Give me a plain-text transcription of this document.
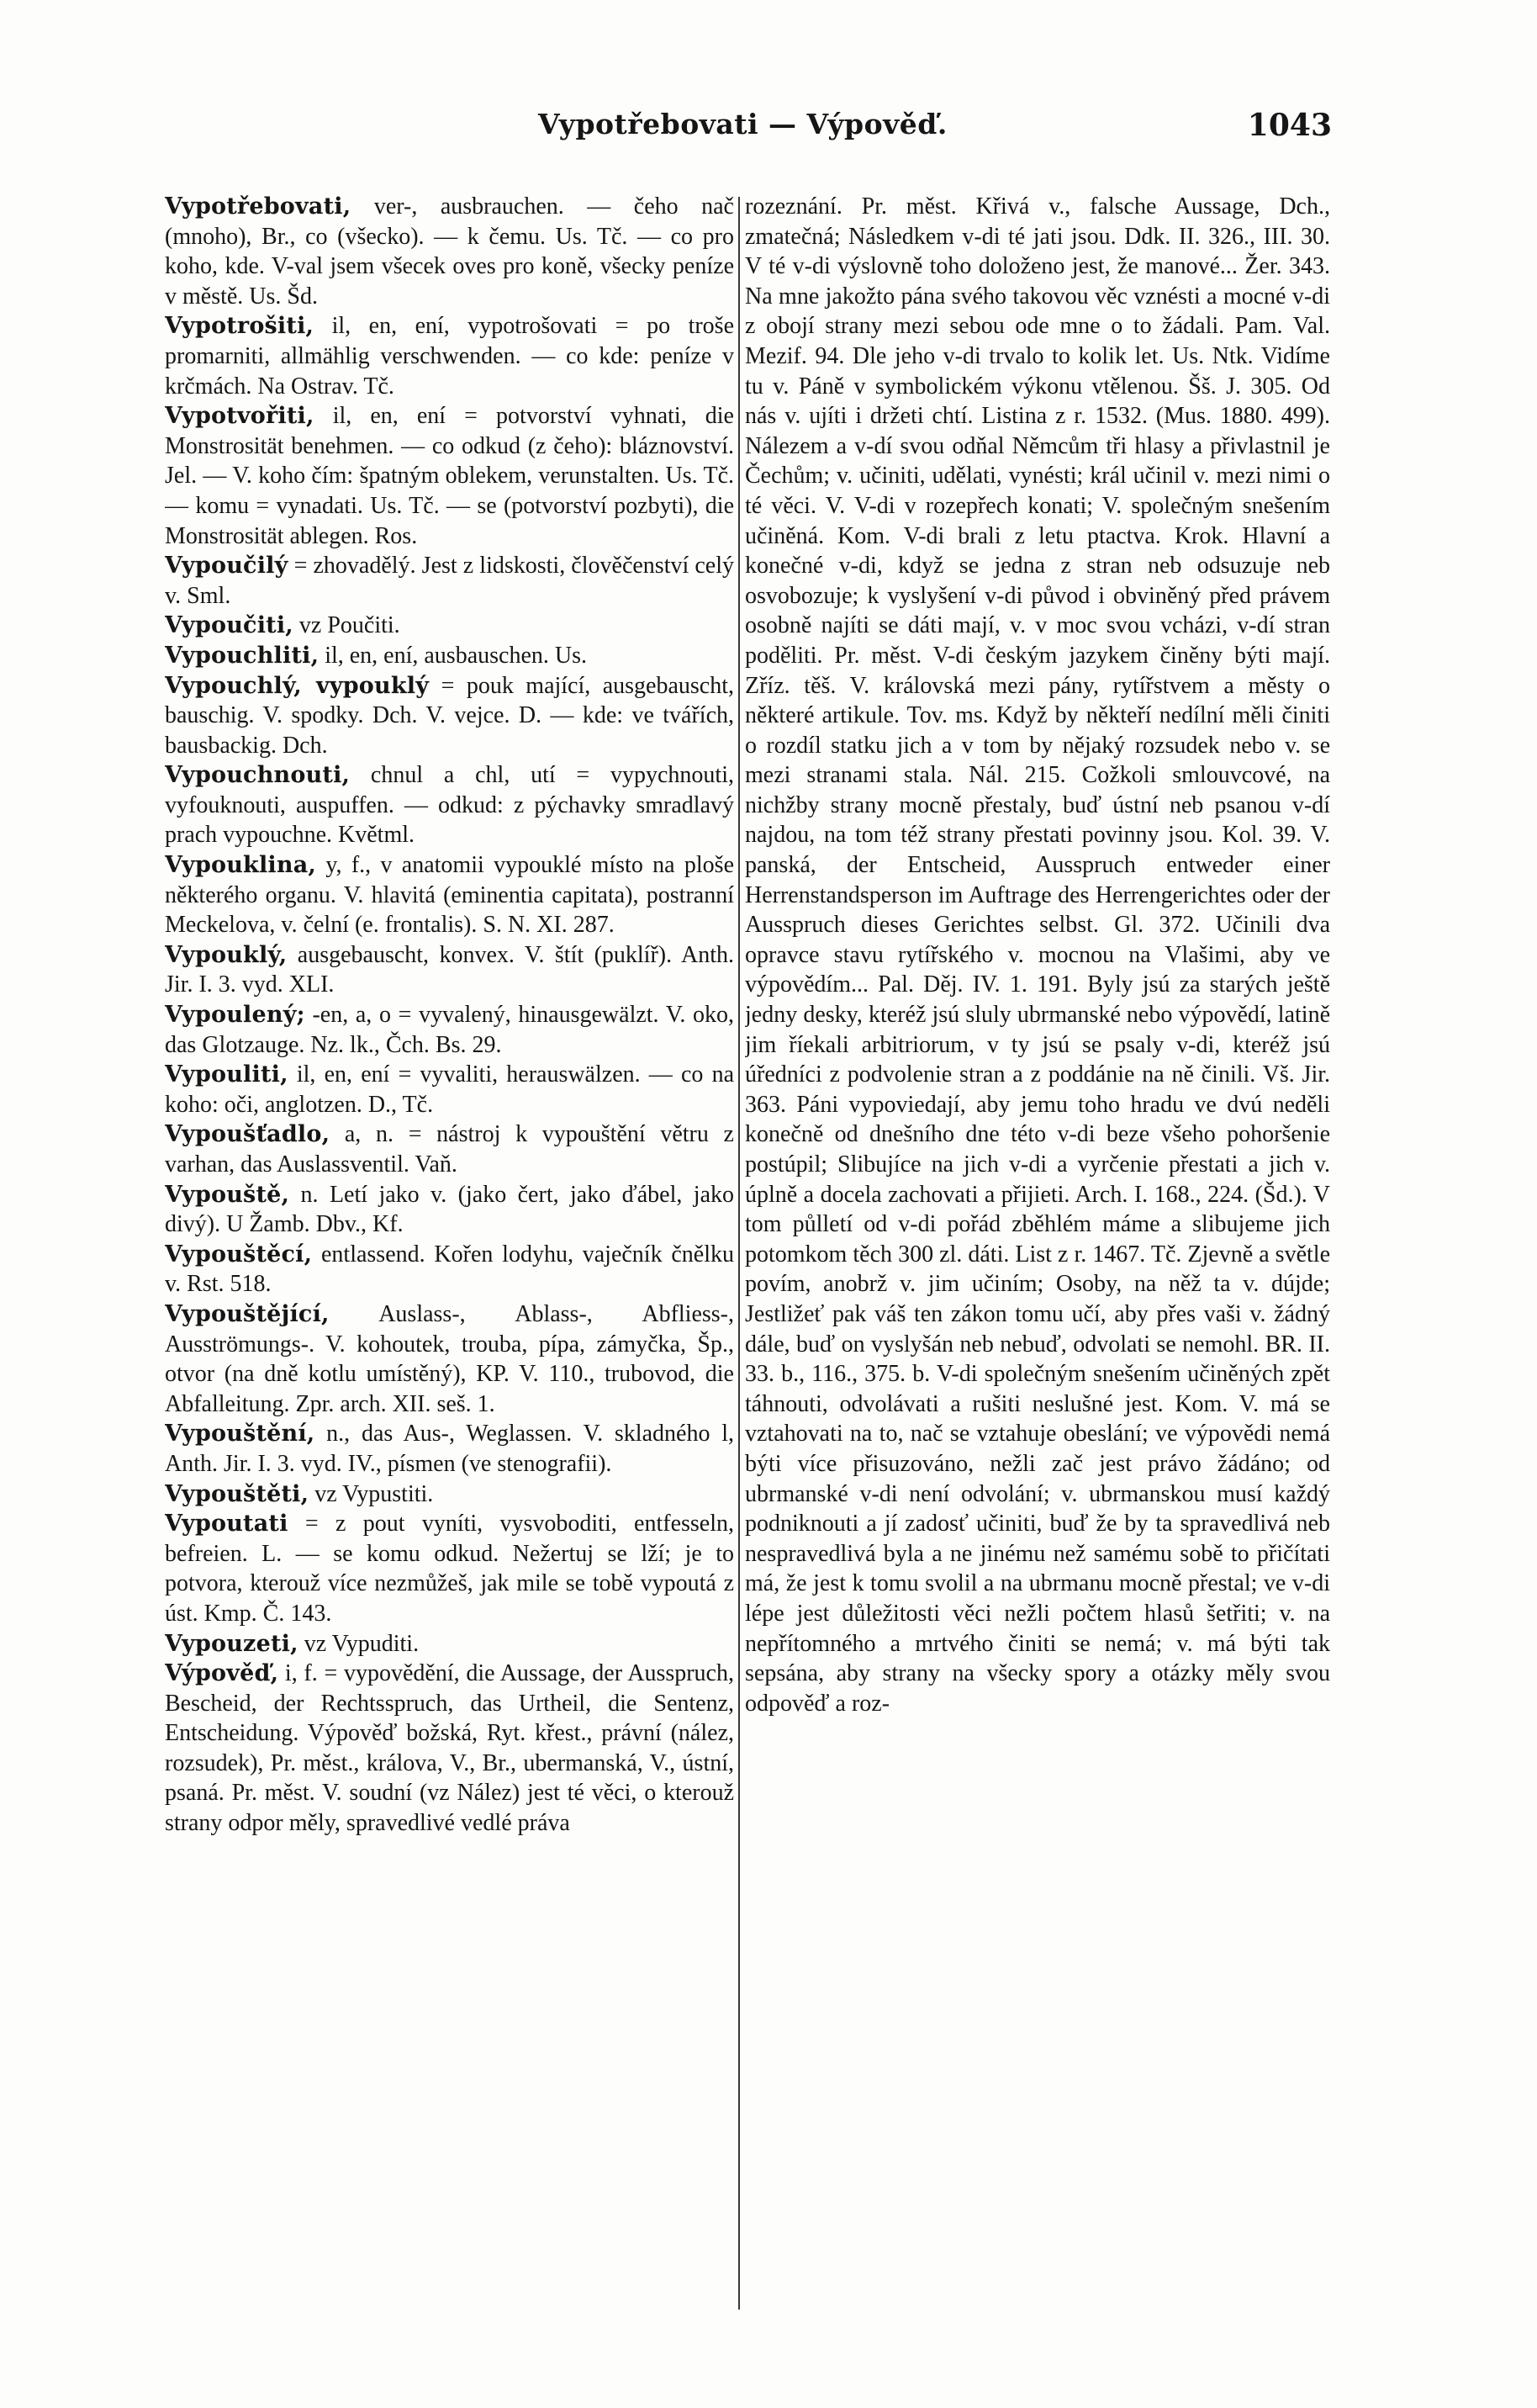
Vypotřebovati — Výpověď.	1043

Vypotřebovati, ver-, ausbrauchen. — čeho nač (mnoho), Br., co (všecko). — k čemu. Us. Tč. — co pro koho, kde. V-val jsem všecek oves pro koně, všecky peníze v městě. Us. Šd.

Vypotrošiti, il, en, ení, vypotrošovati = po troše promarniti, allmählig verschwenden. — co kde: peníze v krčmách. Na Ostrav. Tč.

Vypotvořiti, il, en, ení = potvorství vyhnati, die Monstrosität benehmen. — co odkud (z čeho): bláznovství. Jel. — V. koho čím: špatným oblekem, verunstalten. Us. Tč. — komu = vynadati. Us. Tč. — se (potvorství pozbyti), die Monstrosität ablegen. Ros.

Vypoučilý = zhovadělý. Jest z lidskosti, člověčenství celý v. Sml.

Vypoučiti, vz Poučiti.

Vypouchliti, il, en, ení, ausbauschen. Us.

Vypouchlý, vypouklý = pouk mající, ausgebauscht, bauschig. V. spodky. Dch. V. vejce. D. — kde: ve tvářích, bausbackig. Dch.

Vypouchnouti, chnul a chl, utí = vypychnouti, vyfouknouti, auspuffen. — odkud: z pýchavky smradlavý prach vypouchne. Květml.

Vypouklina, y, f., v anatomii vypouklé místo na ploše některého organu. V. hlavitá (eminentia capitata), postranní Meckelova, v. čelní (e. frontalis). S. N. XI. 287.

Vypouklý, ausgebauscht, konvex. V. štít (puklíř). Anth. Jir. I. 3. vyd. XLI.

Vypoulený; -en, a, o = vyvalený, hinausgewälzt. V. oko, das Glotzauge. Nz. lk., Čch. Bs. 29.

Vypouliti, il, en, ení = vyvaliti, herauswälzen. — co na koho: oči, anglotzen. D., Tč.

Vypoušťadlo, a, n. = nástroj k vypouštění větru z varhan, das Auslassventil. Vaň.

Vypouště, n. Letí jako v. (jako čert, jako ďábel, jako divý). U Žamb. Dbv., Kf.

Vypouštěcí, entlassend. Kořen lodyhu, vaječník čnělku v. Rst. 518.

Vypouštějící, Auslass-, Ablass-, Abfliess-, Ausströmungs-. V. kohoutek, trouba, pípa, zámyčka, Šp., otvor (na dně kotlu umístěný), KP. V. 110., trubovod, die Abfalleitung. Zpr. arch. XII. seš. 1.

Vypouštění, n., das Aus-, Weglassen. V. skladného l, Anth. Jir. I. 3. vyd. IV., písmen (ve stenografii).

Vypouštěti, vz Vypustiti.

Vypoutati = z pout vyníti, vysvoboditi, entfesseln, befreien. L. — se komu odkud. Nežertuj se lží; je to potvora, kterouž více nezmůžeš, jak mile se tobě vypoutá z úst. Kmp. Č. 143.

Vypouzeti, vz Vypuditi.

Výpověď, i, f. = vypovědění, die Aussage, der Ausspruch, Bescheid, der Rechtsspruch, das Urtheil, die Sentenz, Entscheidung. Výpověď božská, Ryt. křest., právní (nález, rozsudek), Pr. měst., králova, V., Br., ubermanská, V., ústní, psaná. Pr. měst. V. soudní (vz Nález) jest té věci, o kterouž strany odpor měly, spravedlivé vedlé práva

rozeznání. Pr. měst. Křivá v., falsche Aussage, Dch., zmatečná; Následkem v-di té jati jsou. Ddk. II. 326., III. 30. V té v-di výslovně toho doloženo jest, že manové... Žer. 343. Na mne jakožto pána svého takovou věc vznésti a mocné v-di z obojí strany mezi sebou ode mne o to žádali. Pam. Val. Mezif. 94. Dle jeho v-di trvalo to kolik let. Us. Ntk. Vidíme tu v. Páně v symbolickém výkonu vtělenou. Šš. J. 305. Od nás v. ujíti i držeti chtí. Listina z r. 1532. (Mus. 1880. 499). Nálezem a v-dí svou odňal Němcům tři hlasy a přivlastnil je Čechům; v. učiniti, udělati, vynésti; král učinil v. mezi nimi o té věci. V. V-di v rozepřech konati; V. společným snešením učiněná. Kom. V-di brali z letu ptactva. Krok. Hlavní a konečné v-di, když se jedna z stran neb odsuzuje neb osvobozuje; k vyslyšení v-di původ i obviněný před právem osobně najíti se dáti mají, v. v moc svou vcházi, v-dí stran poděliti. Pr. měst. V-di českým jazykem činěny býti mají. Zříz. těš. V. královská mezi pány, rytířstvem a městy o některé artikule. Tov. ms. Když by někteří nedílní měli činiti o rozdíl statku jich a v tom by nějaký rozsudek nebo v. se mezi stranami stala. Nál. 215. Cožkoli smlouvcové, na nichžby strany mocně přestaly, buď ústní neb psanou v-dí najdou, na tom též strany přestati povinny jsou. Kol. 39. V. panská, der Entscheid, Ausspruch entweder einer Herrenstandsperson im Auftrage des Herrengerichtes oder der Ausspruch dieses Gerichtes selbst. Gl. 372. Učinili dva opravce stavu rytířského v. mocnou na Vlašimi, aby ve výpovědím... Pal. Děj. IV. 1. 191. Byly jsú za starých ještě jedny desky, kteréž jsú sluly ubrmanské nebo výpovědí, latině jim říekali arbitriorum, v ty jsú se psaly v-di, kteréž jsú úředníci z podvolenie stran a z poddánie na ně činili. Vš. Jir. 363. Páni vypoviedají, aby jemu toho hradu ve dvú neděli konečně od dnešního dne této v-di beze všeho pohoršenie postúpil; Slibujíce na jich v-di a vyrčenie přestati a jich v. úplně a docela zachovati a přijieti. Arch. I. 168., 224. (Šd.). V tom půlletí od v-di pořád zběhlém máme a slibujeme jich potomkom těch 300 zl. dáti. List z r. 1467. Tč. Zjevně a světle povím, anobrž v. jim učiním; Osoby, na něž ta v. dújde; Jestližeť pak váš ten zákon tomu učí, aby přes vaši v. žádný dále, buď on vyslyšán neb nebuď, odvolati se nemohl. BR. II. 33. b., 116., 375. b. V-di společným snešením učiněných zpět táhnouti, odvolávati a rušiti neslušné jest. Kom. V. má se vztahovati na to, nač se vztahuje obeslání; ve výpovědi nemá býti více přisuzováno, nežli zač jest právo žádáno; od ubrmanské v-di není odvolání; v. ubrmanskou musí každý podniknouti a jí zadosť učiniti, buď že by ta spravedlivá neb nespravedlivá byla a ne jinému než samému sobě to přičítati má, že jest k tomu svolil a na ubrmanu mocně přestal; ve v-di lépe jest důležitosti věci nežli počtem hlasů šetřiti; v. na nepřítomného a mrtvého činiti se nemá; v. má býti tak sepsána, aby strany na všecky spory a otázky měly svou odpověď a roz-
